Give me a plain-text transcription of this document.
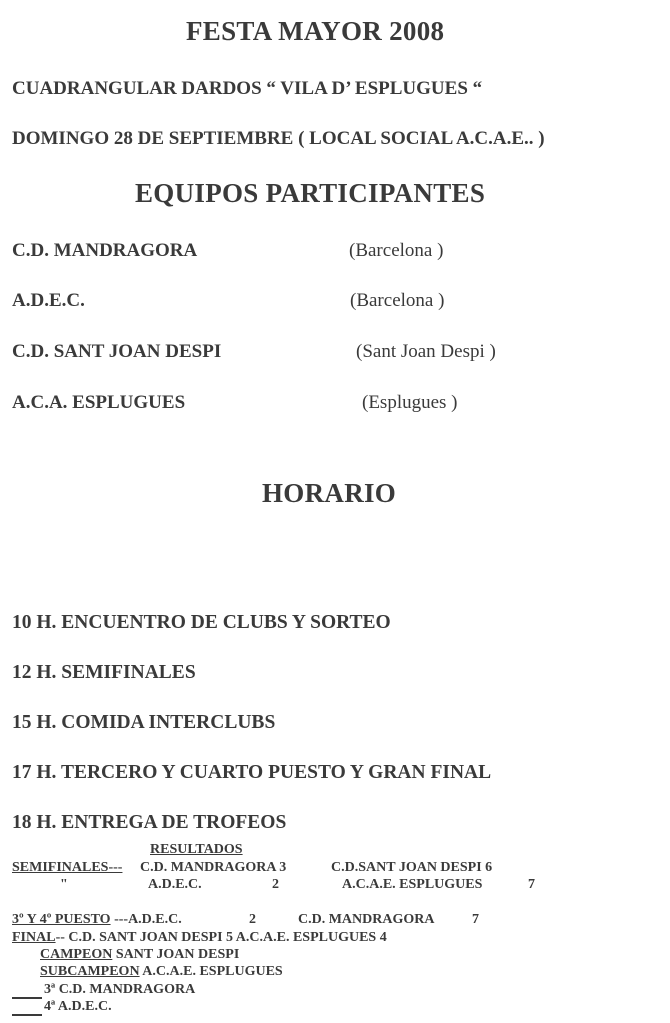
FESTA MAYOR 2008
CUADRANGULAR DARDOS “ VILA D’ ESPLUGUES “
DOMINGO 28 DE SEPTIEMBRE ( LOCAL SOCIAL A.C.A.E.. )
EQUIPOS PARTICIPANTES
C.D. MANDRAGORA	(Barcelona )
A.D.E.C.	(Barcelona )
C.D. SANT JOAN DESPI	(Sant Joan Despi )
A.C.A. ESPLUGUES	(Esplugues )
HORARIO
10 H. ENCUENTRO DE CLUBS Y SORTEO
12 H. SEMIFINALES
15 H. COMIDA INTERCLUBS
17 H. TERCERO Y CUARTO PUESTO Y GRAN FINAL
18 H. ENTREGA DE TROFEOS
RESULTADOS
SEMIFINALES--- C.D. MANDRAGORA 3	C.D.SANT JOAN DESPI 6
"	A.D.E.C.	2	A.C.A.E. ESPLUGUES	7
3º Y 4º PUESTO ---A.D.E.C.	2	C.D. MANDRAGORA	7
FINAL-- C.D. SANT JOAN DESPI 5 A.C.A.E. ESPLUGUES 4
CAMPEON SANT JOAN DESPI
SUBCAMPEON A.C.A.E. ESPLUGUES
3ª C.D. MANDRAGORA
4ª A.D.E.C.
